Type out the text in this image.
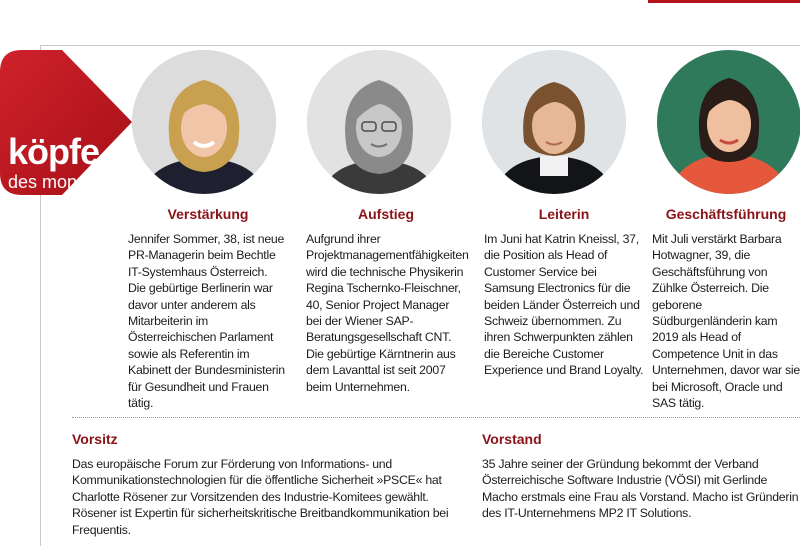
köpfe
des monats
Verstärkung

Jennifer Sommer, 38, ist neue PR-Managerin beim Bechtle IT-Systemhaus Österreich. Die gebürtige Berlinerin war davor unter anderem als Mitarbeiterin im Österreichischen Parlament sowie als Referentin im Kabinett der Bundesministerin für Gesundheit und Frauen tätig.

Aufstieg

Aufgrund ihrer Projektmanagementfähigkeiten wird die technische Physikerin Regina Tschernko-Fleischner, 40, Senior Project Manager bei der Wiener SAP-Beratungsgesellschaft CNT. Die gebürtige Kärntnerin aus dem Lavanttal ist seit 2007 beim Unternehmen.

Leiterin

Im Juni hat Katrin Kneissl, 37, die Position als Head of Customer Service bei Samsung Electronics für die beiden Länder Österreich und Schweiz übernommen. Zu ihren Schwerpunkten zählen die Bereiche Customer Experience und Brand Loyalty.

Geschäftsführung

Mit Juli verstärkt Barbara Hotwagner, 39, die Geschäftsführung von Zühlke Österreich. Die geborene Südburgenländerin kam 2019 als Head of Competence Unit in das Unternehmen, davor war sie bei Microsoft, Oracle und SAS tätig.

Vorsitz

Das europäische Forum zur Förderung von Informations- und Kommunikationstechnologien für die öffentliche Sicherheit »PSCE« hat Charlotte Rösener zur Vorsitzenden des Industrie-Komitees gewählt. Rösener ist Expertin für sicherheitskritische Breitbandkommunikation bei Frequentis.

Vorstand

35 Jahre seiner der Gründung bekommt der Verband Österreichische Software Industrie (VÖSI) mit Gerlinde Macho erstmals eine Frau als Vorstand. Macho ist Gründerin des IT-Unternehmens MP2 IT Solutions.
